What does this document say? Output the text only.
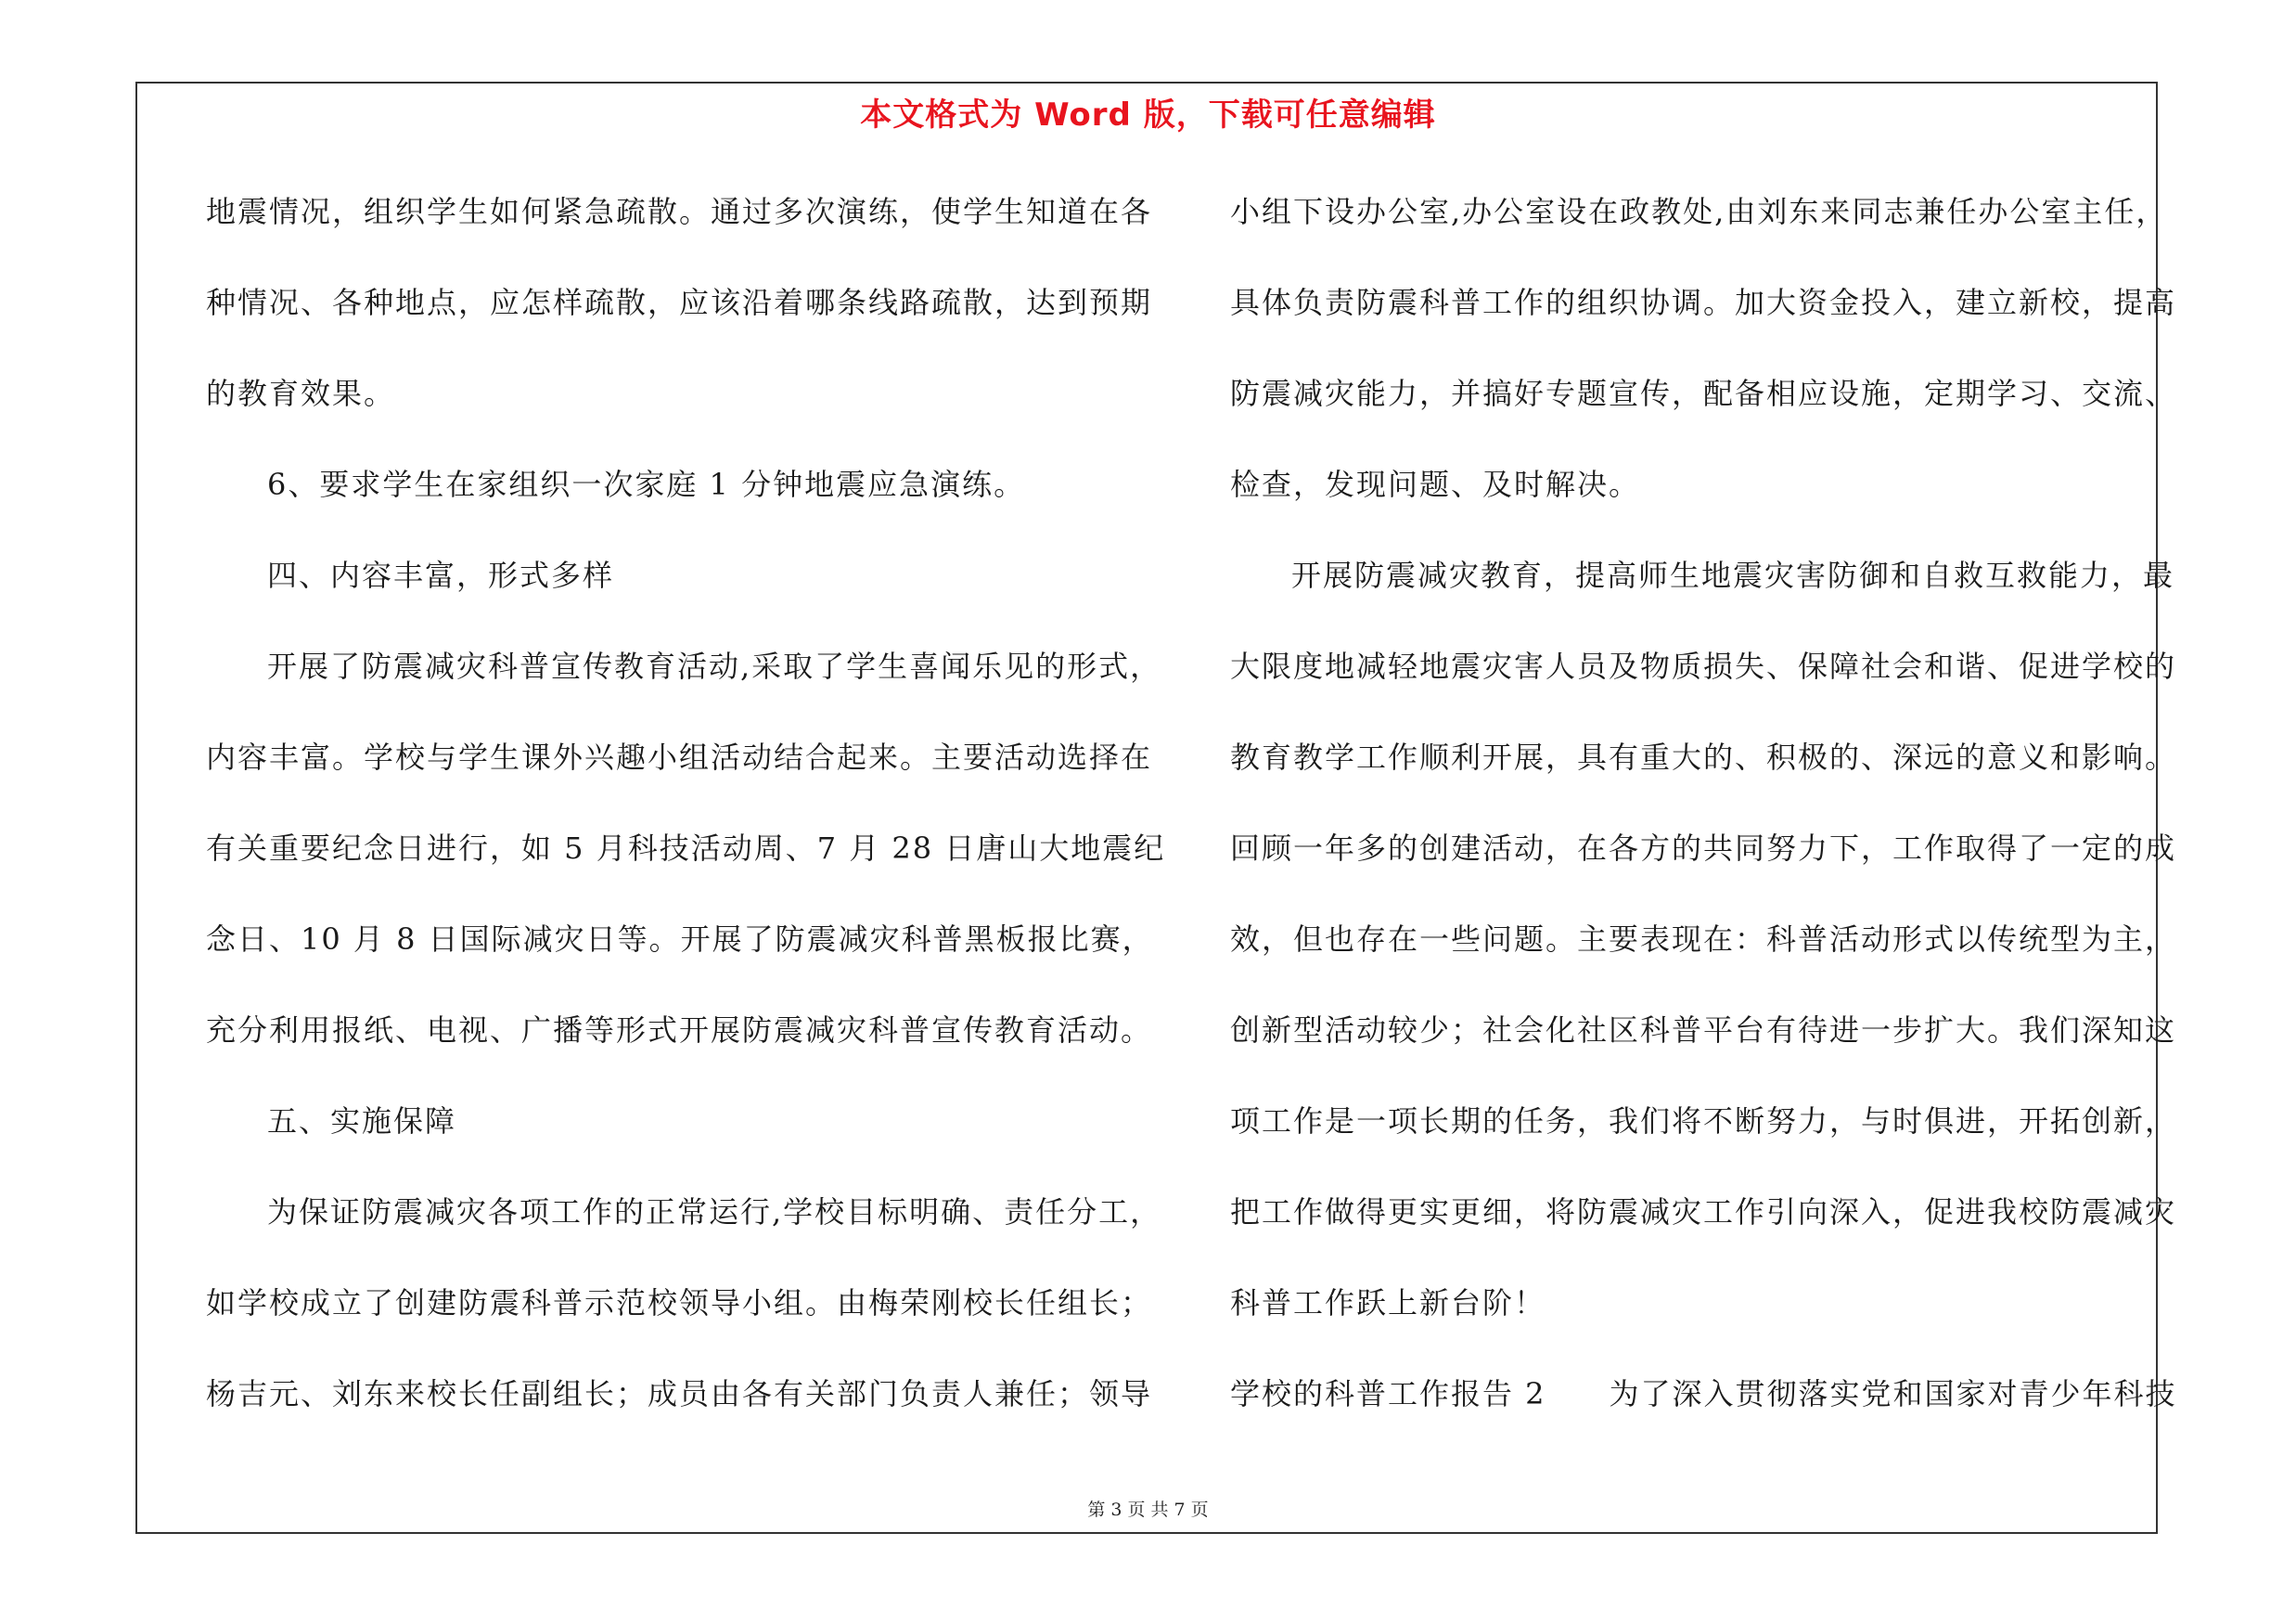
本文格式为 Word 版，下载可任意编辑
地震情况，组织学生如何紧急疏散。通过多次演练，使学生知道在各
种情况、各种地点，应怎样疏散，应该沿着哪条线路疏散，达到预期
的教育效果。
6、要求学生在家组织一次家庭 1 分钟地震应急演练。
四、内容丰富，形式多样
开展了防震减灾科普宣传教育活动,采取了学生喜闻乐见的形式，
内容丰富。学校与学生课外兴趣小组活动结合起来。主要活动选择在
有关重要纪念日进行，如 5 月科技活动周、7 月 28 日唐山大地震纪
念日、10 月 8 日国际减灾日等。开展了防震减灾科普黑板报比赛，
充分利用报纸、电视、广播等形式开展防震减灾科普宣传教育活动。
五、实施保障
为保证防震减灾各项工作的正常运行,学校目标明确、责任分工，
如学校成立了创建防震科普示范校领导小组。由梅荣刚校长任组长；
杨吉元、刘东来校长任副组长；成员由各有关部门负责人兼任；领导
小组下设办公室,办公室设在政教处,由刘东来同志兼任办公室主任，
具体负责防震科普工作的组织协调。加大资金投入，建立新校，提高
防震减灾能力，并搞好专题宣传，配备相应设施，定期学习、交流、
检查，发现问题、及时解决。
开展防震减灾教育，提高师生地震灾害防御和自救互救能力，最
大限度地减轻地震灾害人员及物质损失、保障社会和谐、促进学校的
教育教学工作顺利开展，具有重大的、积极的、深远的意义和影响。
回顾一年多的创建活动，在各方的共同努力下，工作取得了一定的成
效，但也存在一些问题。主要表现在：科普活动形式以传统型为主，
创新型活动较少；社会化社区科普平台有待进一步扩大。我们深知这
项工作是一项长期的任务，我们将不断努力，与时俱进，开拓创新，
把工作做得更实更细，将防震减灾工作引向深入，促进我校防震减灾
科普工作跃上新台阶！
学校的科普工作报告 2　　为了深入贯彻落实党和国家对青少年科技
第 3 页 共 7 页
